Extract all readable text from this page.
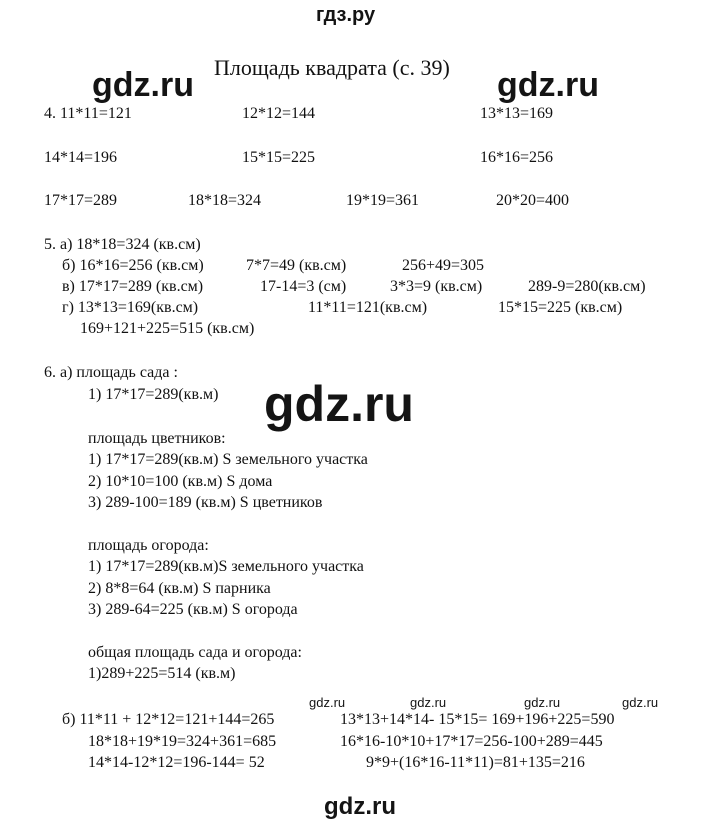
гдз.ру
gdz.ru	gdz.ru
Площадь квадрата (с. 39)
4. 11*11=121	12*12=144	13*13=169
14*14=196	15*15=225	16*16=256
17*17=289	18*18=324	19*19=361	20*20=400
5. а) 18*18=324 (кв.см)
б) 16*16=256 (кв.см)	7*7=49 (кв.см)	256+49=305
в) 17*17=289 (кв.см)	17-14=3 (см)	3*3=9 (кв.см)	289-9=280(кв.см)
г) 13*13=169(кв.см)	11*11=121(кв.см)	15*15=225 (кв.см)
169+121+225=515 (кв.см)
6. а) площадь сада :
1) 17*17=289(кв.м) gdz.ru
площадь цветников:
1) 17*17=289(кв.м) S земельного участка
2) 10*10=100 (кв.м) S дома
3) 289-100=189 (кв.м) S цветников
площадь огорода:
1) 17*17=289(кв.м)S земельного участка
2) 8*8=64 (кв.м) S парника
3) 289-64=225 (кв.м) S огорода
общая площадь сада и огорода:
1)289+225=514 (кв.м)
gdz.ru	gdz.ru	gdz.ru	gdz.ru
б) 11*11 + 12*12=121+144=265	13*13+14*14- 15*15= 169+196+225=590
18*18+19*19=324+361=685	16*16-10*10+17*17=256-100+289=445
14*14-12*12=196-144= 52	9*9+(16*16-11*11)=81+135=216
gdz.ru
